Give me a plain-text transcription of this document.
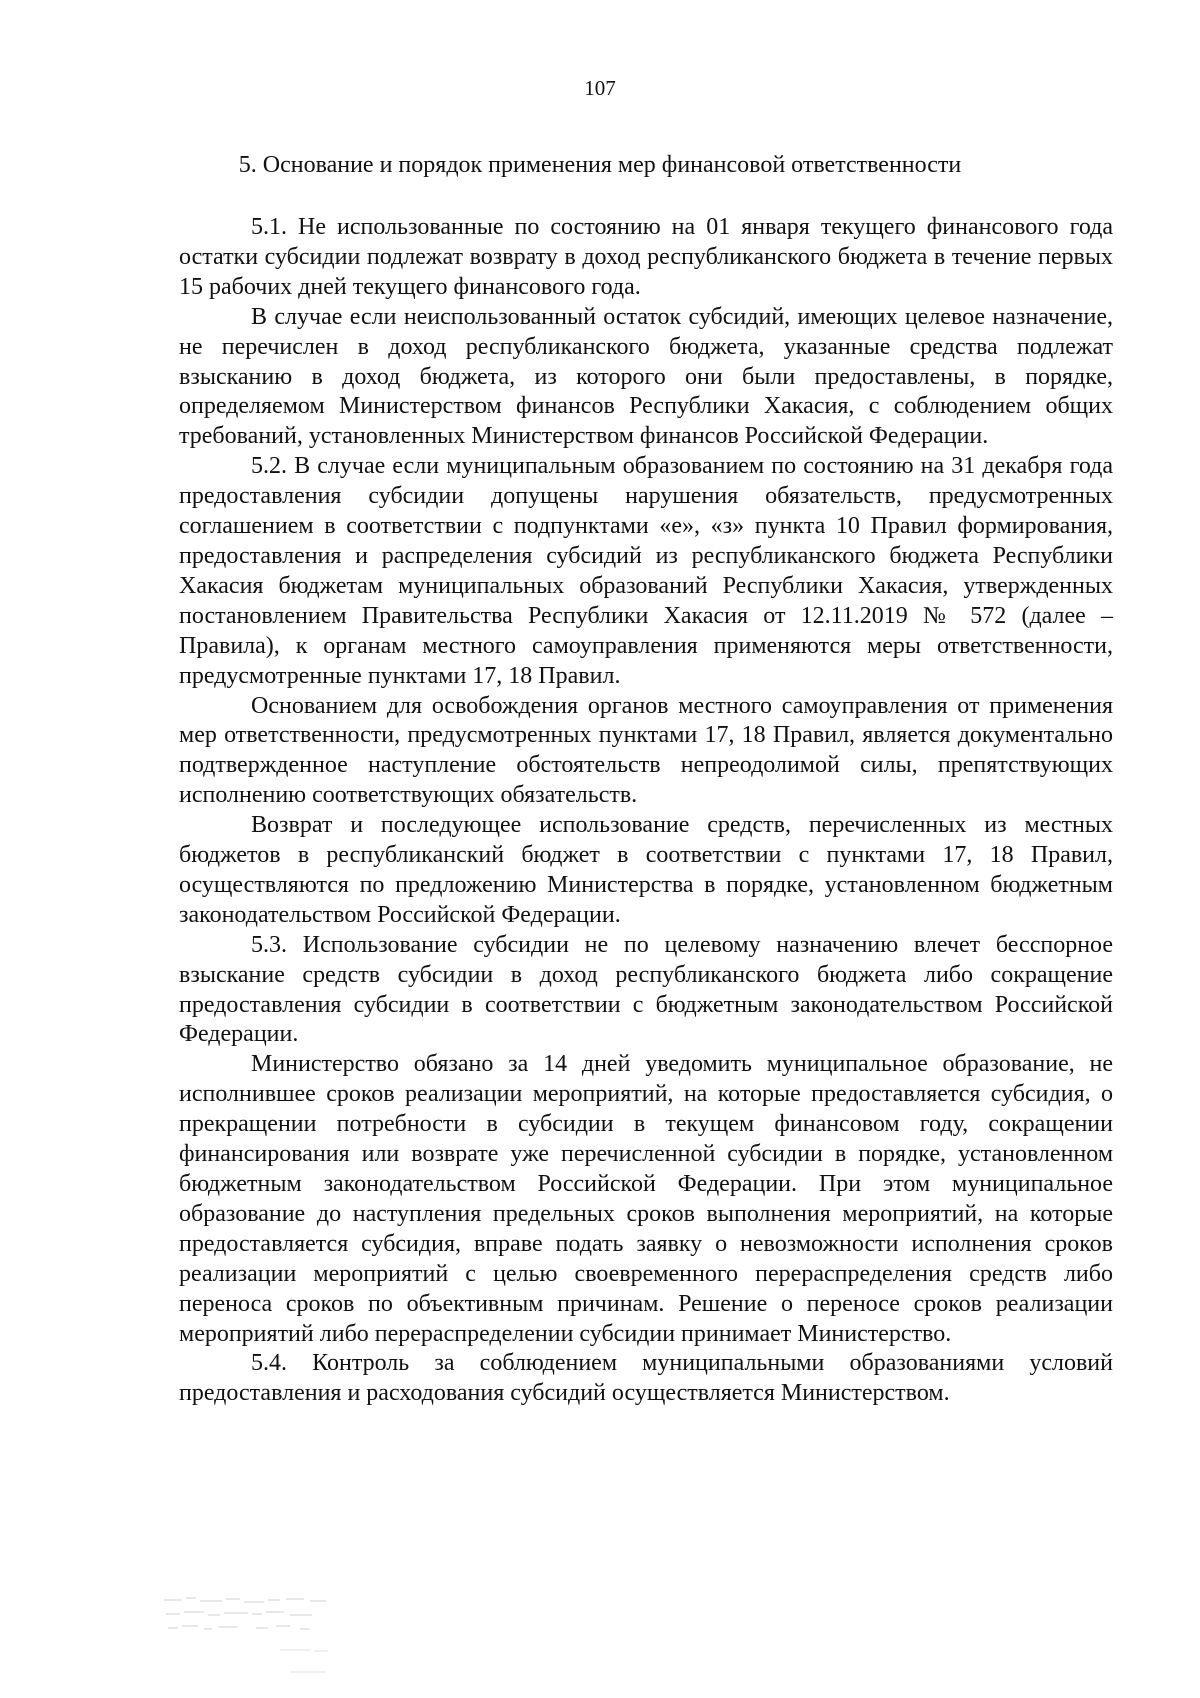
107
5. Основание и порядок применения мер финансовой ответственности

5.1. Не использованные по состоянию на 01 января текущего финансового года остатки субсидии подлежат возврату в доход республиканского бюджета в течение первых 15 рабочих дней текущего финансового года.

В случае если неиспользованный остаток субсидий, имеющих целевое назначение, не перечислен в доход республиканского бюджета, указанные средства подлежат взысканию в доход бюджета, из которого они были предоставлены, в порядке, определяемом Министерством финансов Республики Хакасия, с соблюдением общих требований, установленных Министерством финансов Российской Федерации.

5.2. В случае если муниципальным образованием по состоянию на 31 декабря года предоставления субсидии допущены нарушения обязательств, предусмотренных соглашением в соответствии с подпунктами «е», «з» пункта 10 Правил формирования, предоставления и распределения субсидий из республиканского бюджета Республики Хакасия бюджетам муниципальных образований Республики Хакасия, утвержденных постановлением Правительства Республики Хакасия от 12.11.2019 № 572 (далее – Правила), к органам местного самоуправления применяются меры ответственности, предусмотренные пунктами 17, 18 Правил.

Основанием для освобождения органов местного самоуправления от применения мер ответственности, предусмотренных пунктами 17, 18 Правил, является документально подтвержденное наступление обстоятельств непреодолимой силы, препятствующих исполнению соответствующих обязательств.

Возврат и последующее использование средств, перечисленных из местных бюджетов в республиканский бюджет в соответствии с пунктами 17, 18 Правил, осуществляются по предложению Министерства в порядке, установленном бюджетным законодательством Российской Федерации.

5.3. Использование субсидии не по целевому назначению влечет бесспорное взыскание средств субсидии в доход республиканского бюджета либо сокращение предоставления субсидии в соответствии с бюджетным законодательством Российской Федерации.

Министерство обязано за 14 дней уведомить муниципальное образование, не исполнившее сроков реализации мероприятий, на которые предоставляется субсидия, о прекращении потребности в субсидии в текущем финансовом году, сокращении финансирования или возврате уже перечисленной субсидии в порядке, установленном бюджетным законодательством Российской Федерации. При этом муниципальное образование до наступления предельных сроков выполнения мероприятий, на которые предоставляется субсидия, вправе подать заявку о невозможности исполнения сроков реализации мероприятий с целью своевременного перераспределения средств либо переноса сроков по объективным причинам. Решение о переносе сроков реализации мероприятий либо перераспределении субсидии принимает Министерство.

5.4. Контроль за соблюдением муниципальными образованиями условий предоставления и расходования субсидий осуществляется Министерством.
